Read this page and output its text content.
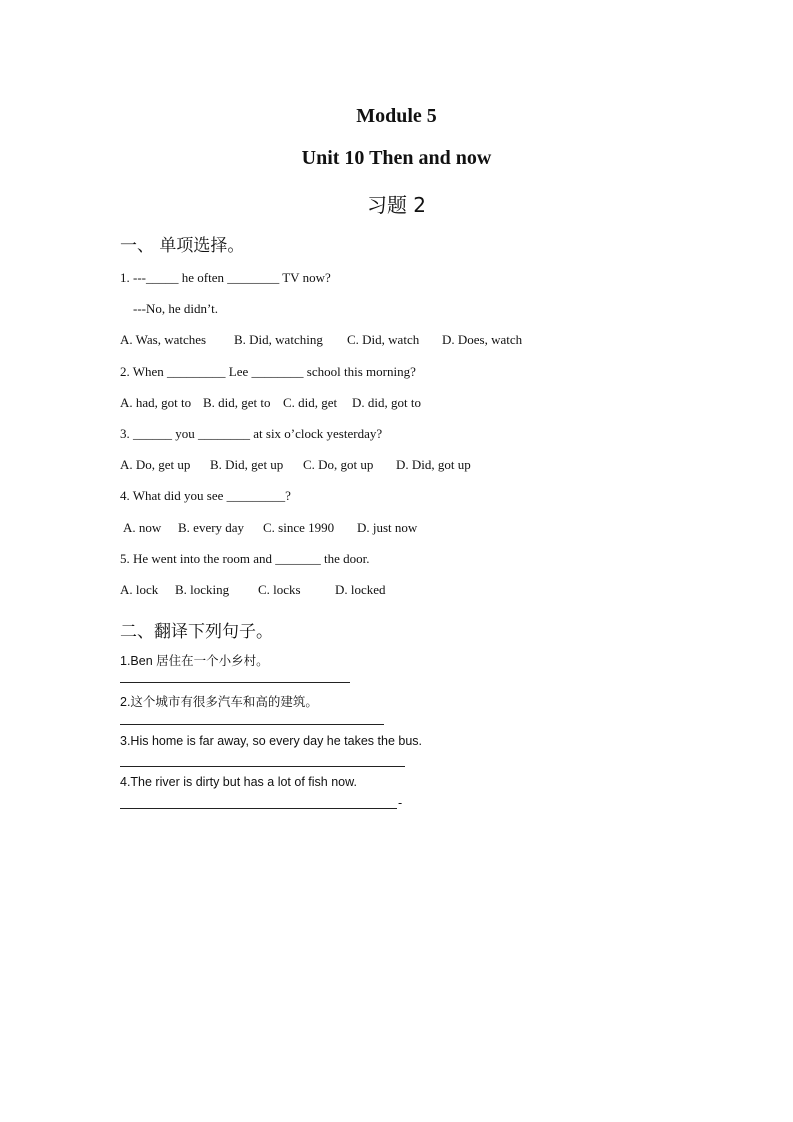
Module 5
Unit 10 Then and now
习题 2
一、 单项选择。
1. ---_____ he often ________ TV now?
---No, he didn’t.
A. Was, watches B. Did, watching C. Did, watch D. Does, watch
2. When _________ Lee ________ school this morning?
A. had, got to B. did, get to C. did, get D. did, got to
3. ______ you ________ at six o’clock yesterday?
A. Do, get up B. Did, get up C. Do, got up D. Did, got up
4. What did you see _________?
A. now B. every day C. since 1990 D. just now
5. He went into the room and _______ the door.
A. lock B. locking C. locks	D. locked
二、翻译下列句子。
1.Ben 居住在一个小乡村。
2.这个城市有很多汽车和高的建筑。
3.His home is far away, so every day he takes the bus.
4.The river is dirty but has a lot of fish now.
-
